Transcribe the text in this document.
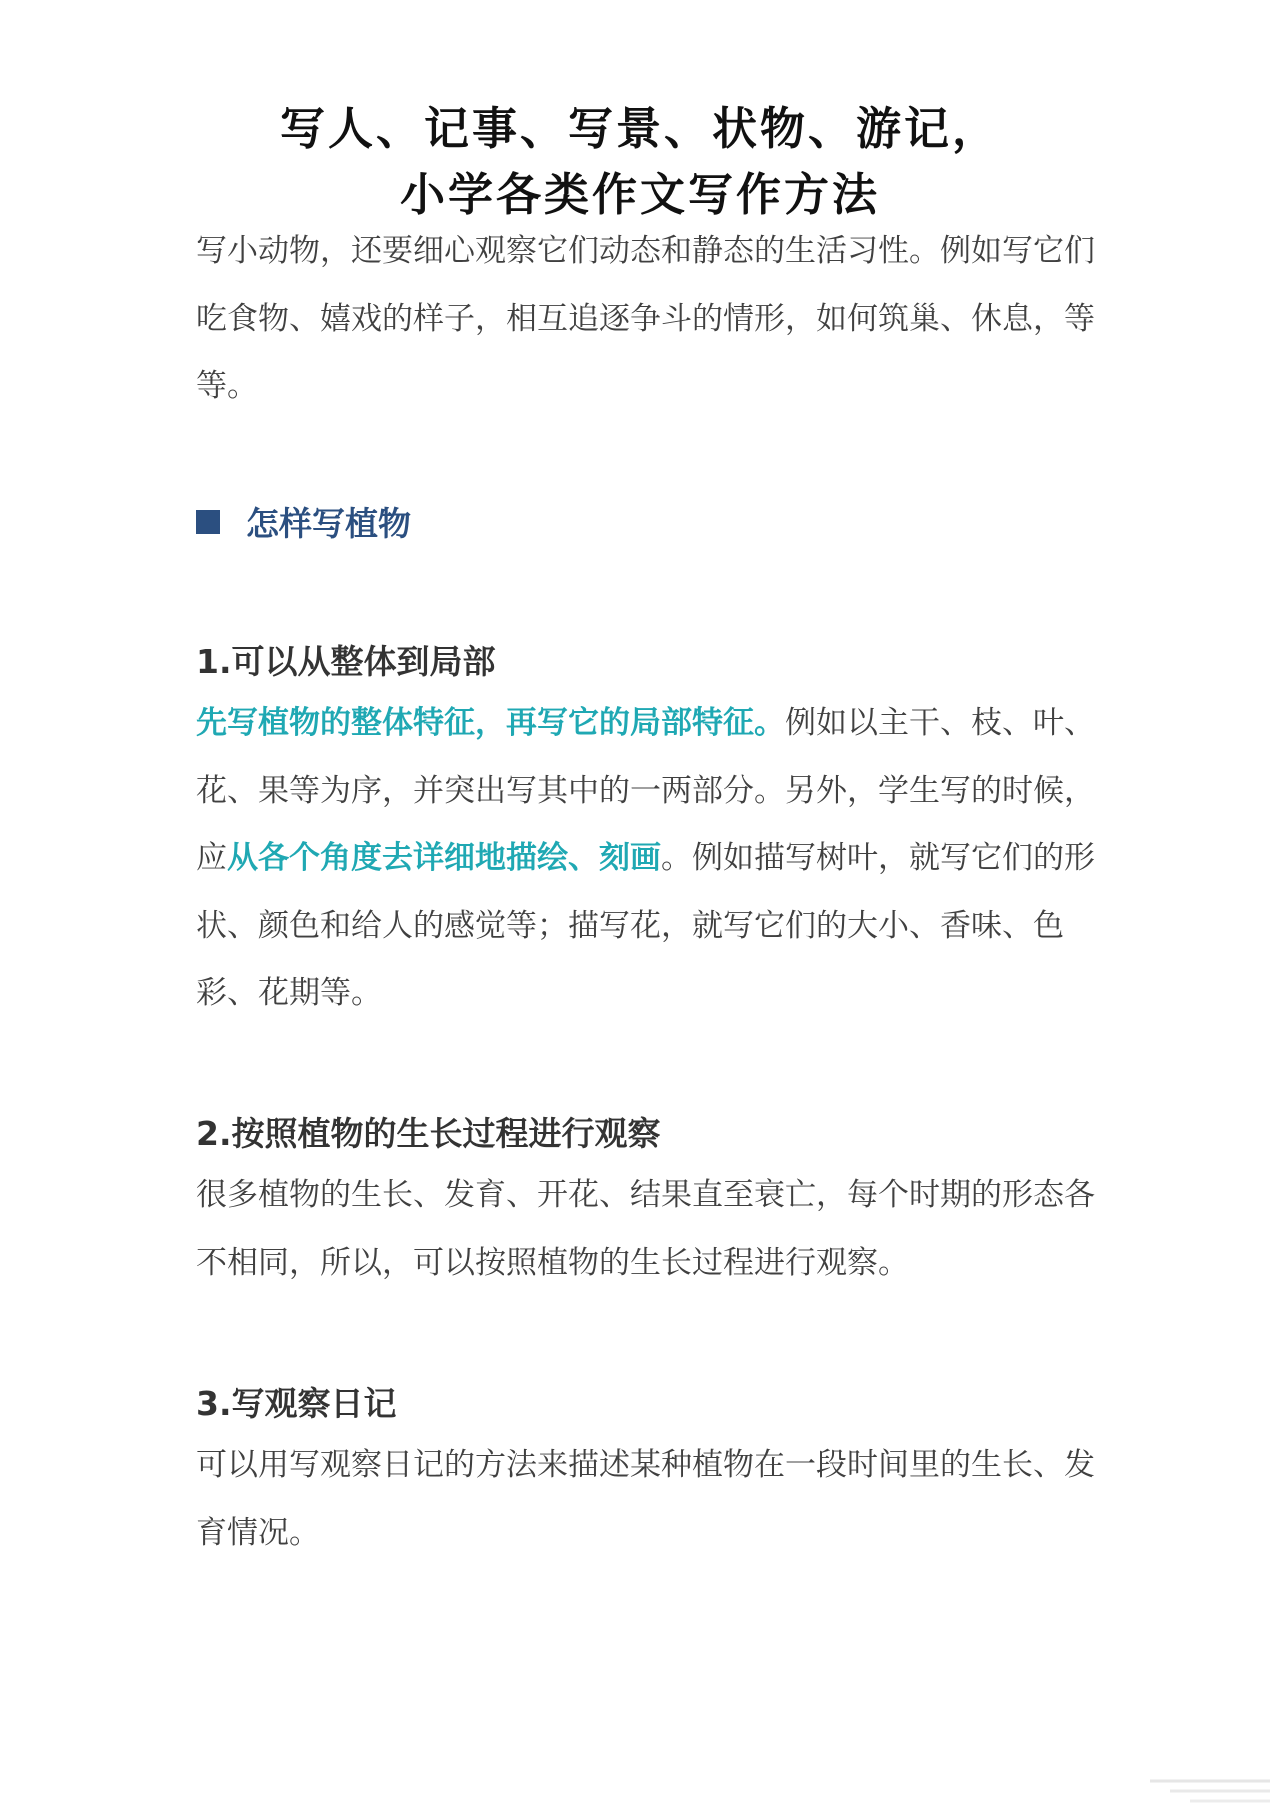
写人、记事、写景、状物、游记，
小学各类作文写作方法

写小动物，还要细心观察它们动态和静态的生活习性。例如写它们吃食物、嬉戏的样子，相互追逐争斗的情形，如何筑巢、休息，等等。

怎样写植物

1.可以从整体到局部

先写植物的整体特征，再写它的局部特征。例如以主干、枝、叶、花、果等为序，并突出写其中的一两部分。另外，学生写的时候，应从各个角度去详细地描绘、刻画。例如描写树叶，就写它们的形状、颜色和给人的感觉等；描写花，就写它们的大小、香味、色彩、花期等。

2.按照植物的生长过程进行观察

很多植物的生长、发育、开花、结果直至衰亡，每个时期的形态各不相同，所以，可以按照植物的生长过程进行观察。

3.写观察日记

可以用写观察日记的方法来描述某种植物在一段时间里的生长、发育情况。
